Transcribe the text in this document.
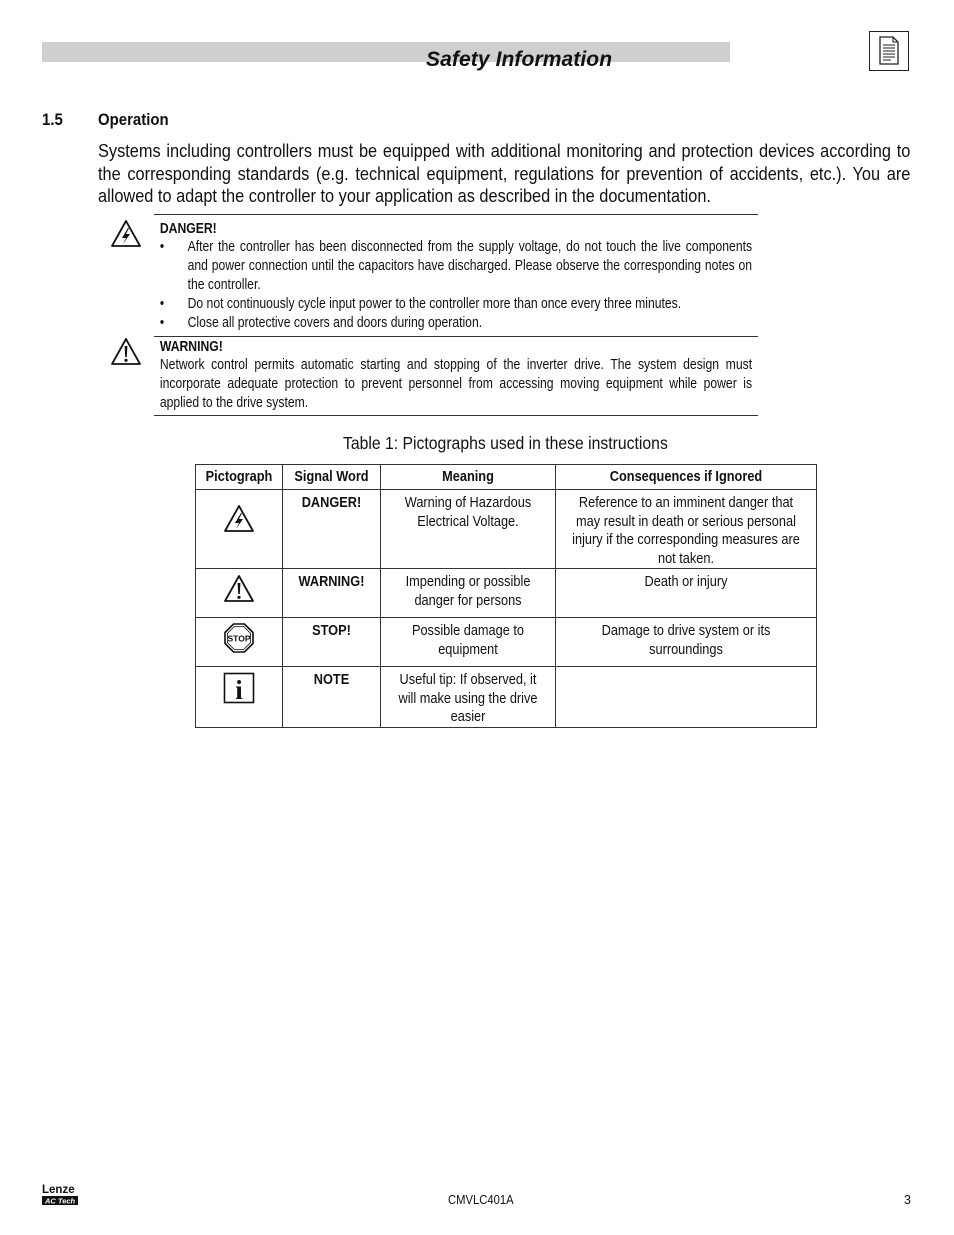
Safety Information
1.5 Operation
Systems including controllers must be equipped with additional monitoring and protection devices according to the corresponding standards (e.g. technical equipment, regulations for prevention of accidents, etc.). You are allowed to adapt the controller to your application as described in the documentation.
DANGER!
• After the controller has been disconnected from the supply voltage, do not touch the live components and power connection until the capacitors have discharged. Please observe the corresponding notes on the controller.
• Do not continuously cycle input power to the controller more than once every three minutes.
• Close all protective covers and doors during operation.
WARNING!
Network control permits automatic starting and stopping of the inverter drive. The system design must incorporate adequate protection to prevent personnel from accessing moving equipment while power is applied to the drive system.
Table 1: Pictographs used in these instructions
Pictograph	Signal Word	Meaning	Consequences if Ignored

DANGER!	Warning of Hazardous Electrical Voltage.	Reference to an imminent danger that may result in death or serious personal injury if the corresponding measures are not taken.

WARNING!	Impending or possible danger for persons	Death or injury

STOP	STOP!	Possible damage to equipment	Damage to drive system or its surroundings

i	NOTE	Useful tip: If observed, it will make using the drive easier	

Lenze
AC Tech	CMVLC401A	3
